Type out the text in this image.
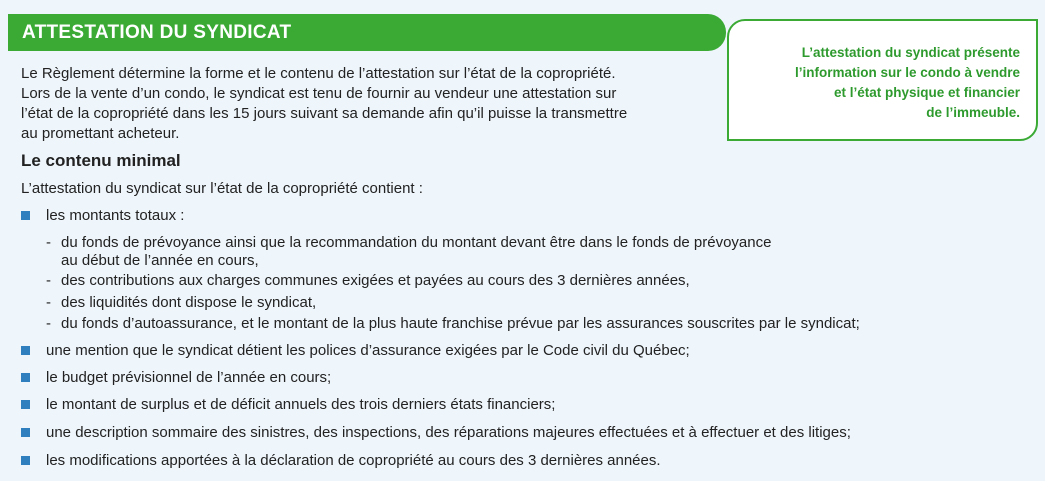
ATTESTATION DU SYNDICAT
L’attestation du syndicat présente
l’information sur le condo à vendre
et l’état physique et financier
de l’immeuble.

Le Règlement détermine la forme et le contenu de l’attestation sur l’état de la copropriété.
Lors de la vente d’un condo, le syndicat est tenu de fournir au vendeur une attestation sur
l’état de la copropriété dans les 15 jours suivant sa demande afin qu’il puisse la transmettre
au promettant acheteur.

Le contenu minimal

L’attestation du syndicat sur l’état de la copropriété contient :

les montants totaux :
- du fonds de prévoyance ainsi que la recommandation du montant devant être dans le fonds de prévoyance
au début de l’année en cours,
- des contributions aux charges communes exigées et payées au cours des 3 dernières années,
- des liquidités dont dispose le syndicat,
- du fonds d’autoassurance, et le montant de la plus haute franchise prévue par les assurances souscrites par le syndicat;
une mention que le syndicat détient les polices d’assurance exigées par le Code civil du Québec;
le budget prévisionnel de l’année en cours;
le montant de surplus et de déficit annuels des trois derniers états financiers;
une description sommaire des sinistres, des inspections, des réparations majeures effectuées et à effectuer et des litiges;
les modifications apportées à la déclaration de copropriété au cours des 3 dernières années.
